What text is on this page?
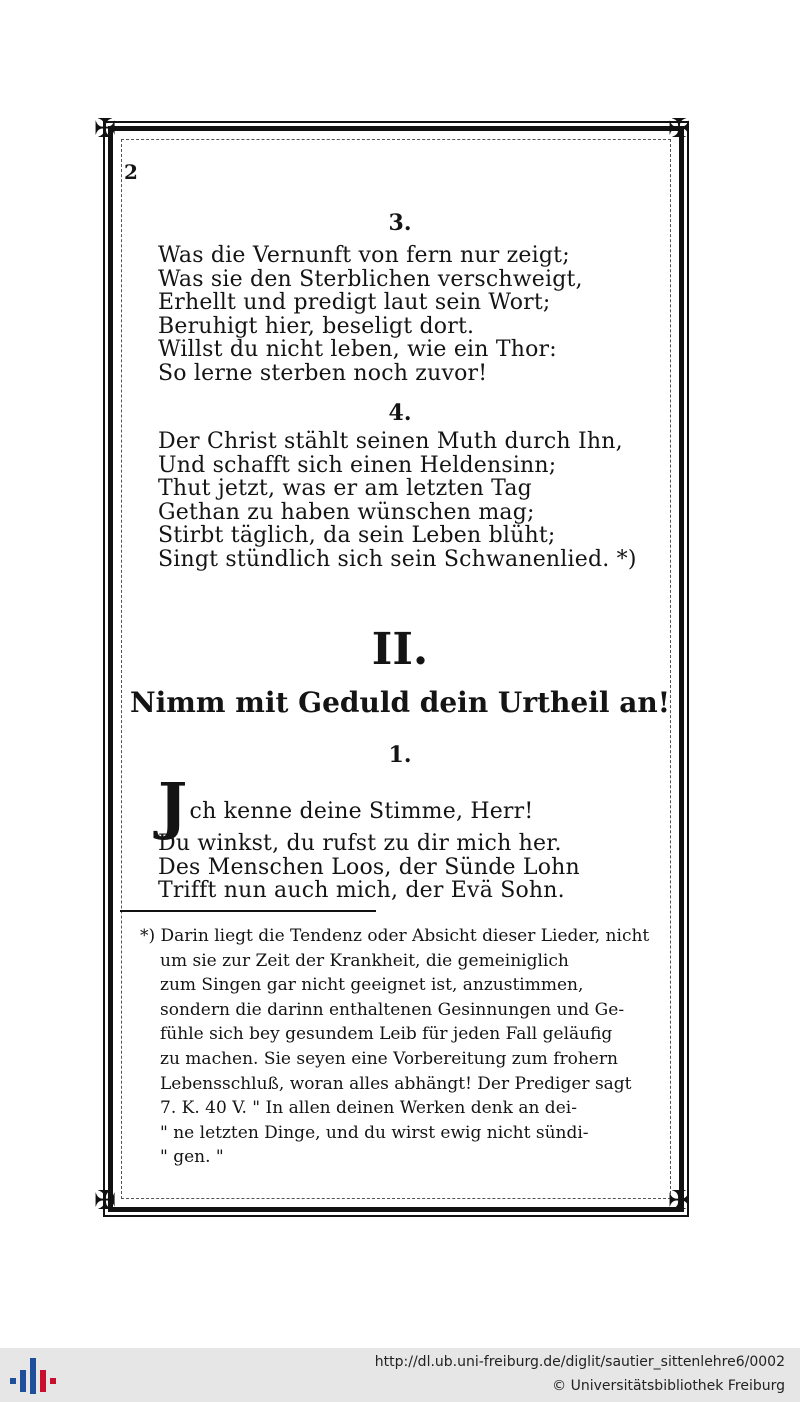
✠	✠
✠	✠
2
3.
Was die Vernunft von fern nur zeigt;
Was sie den Sterblichen verschweigt,
Erhellt und predigt laut sein Wort;
Beruhigt hier, beseligt dort.
Willst du nicht leben, wie ein Thor:
So lerne sterben noch zuvor!
4.
Der Christ stählt seinen Muth durch Ihn,
Und schafft sich einen Heldensinn;
Thut jetzt, was er am letzten Tag
Gethan zu haben wünschen mag;
Stirbt täglich, da sein Leben blüht;
Singt stündlich sich sein Schwanenlied. *)
II.
Nimm mit Geduld dein Urtheil an!
1.
J ch kenne deine Stimme, Herr!
Du winkst, du rufst zu dir mich her.
Des Menschen Loos, der Sünde Lohn
Trifft nun auch mich, der Evä Sohn.
*) Darin liegt die Tendenz oder Absicht dieser Lieder, nicht
um sie zur Zeit der Krankheit, die gemeiniglich
zum Singen gar nicht geeignet ist, anzustimmen,
sondern die darinn enthaltenen Gesinnungen und Ge-
fühle sich bey gesundem Leib für jeden Fall geläufig
zu machen. Sie seyen eine Vorbereitung zum frohern
Lebensschluß, woran alles abhängt! Der Prediger sagt
7. K. 40 V. " In allen deinen Werken denk an dei-
" ne letzten Dinge, und du wirst ewig nicht sündi-
" gen. "
http://dl.ub.uni-freiburg.de/diglit/sautier_sittenlehre6/0002
© Universitätsbibliothek Freiburg
